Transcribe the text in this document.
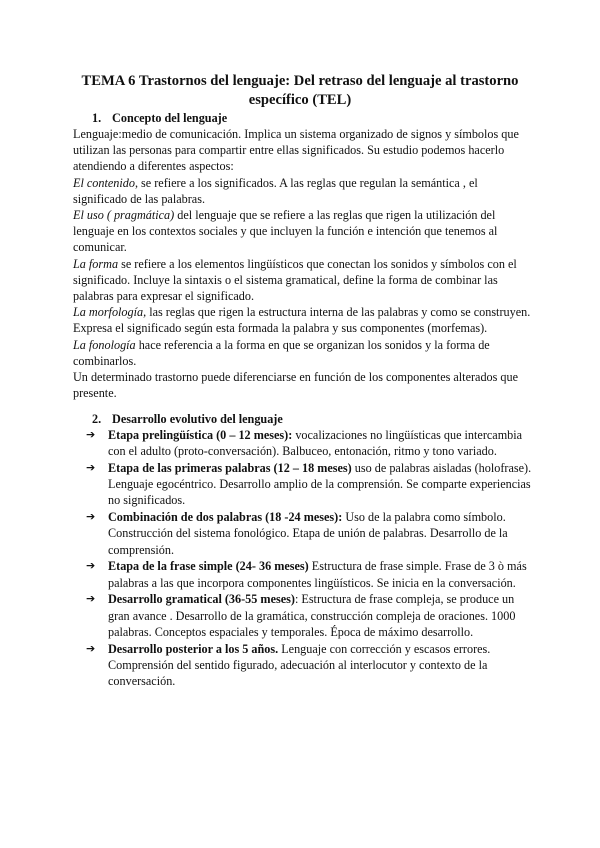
TEMA 6 Trastornos del lenguaje: Del retraso del lenguaje al trastorno específico (TEL)
1. Concepto del lenguaje

Lenguaje:medio de comunicación. Implica un sistema organizado de signos y símbolos que utilizan las personas para compartir entre ellas significados. Su estudio podemos hacerlo atendiendo a diferentes aspectos:

El contenido, se refiere a los significados. A las reglas que regulan la semántica , el significado de las palabras.

El uso ( pragmática) del lenguaje que se refiere a las reglas que rigen la utilización del lenguaje en los contextos sociales y que incluyen la función e intención que tenemos al comunicar.

La forma se refiere a los elementos lingüísticos que conectan los sonidos y símbolos con el significado. Incluye la sintaxis o el sistema gramatical, define la forma de combinar las palabras para expresar el significado.

La morfología, las reglas que rigen la estructura interna de las palabras y como se construyen. Expresa el significado según esta formada la palabra y sus componentes (morfemas).

La fonología hace referencia a la forma en que se organizan los sonidos y la forma de combinarlos.

Un determinado trastorno puede diferenciarse en función de los componentes alterados que presente.

2. Desarrollo evolutivo del lenguaje
➔ Etapa prelingüística (0 – 12 meses): vocalizaciones no lingüísticas que intercambia con el adulto (proto-conversación). Balbuceo, entonación, ritmo y tono variado.
➔ Etapa de las primeras palabras (12 – 18 meses) uso de palabras aisladas (holofrase). Lenguaje egocéntrico. Desarrollo amplio de la comprensión. Se comparte experiencias no significados.
➔ Combinación de dos palabras (18 -24 meses): Uso de la palabra como símbolo. Construcción del sistema fonológico. Etapa de unión de palabras. Desarrollo de la comprensión.
➔ Etapa de la frase simple (24- 36 meses) Estructura de frase simple. Frase de 3 ò más palabras a las que incorpora componentes lingüísticos. Se inicia en la conversación.
➔ Desarrollo gramatical (36-55 meses): Estructura de frase compleja, se produce un gran avance . Desarrollo de la gramática, construcción compleja de oraciones. 1000 palabras. Conceptos espaciales y temporales. Época de máximo desarrollo.
➔ Desarrollo posterior a los 5 años. Lenguaje con corrección y escasos errores. Comprensión del sentido figurado, adecuación al interlocutor y contexto de la conversación.
